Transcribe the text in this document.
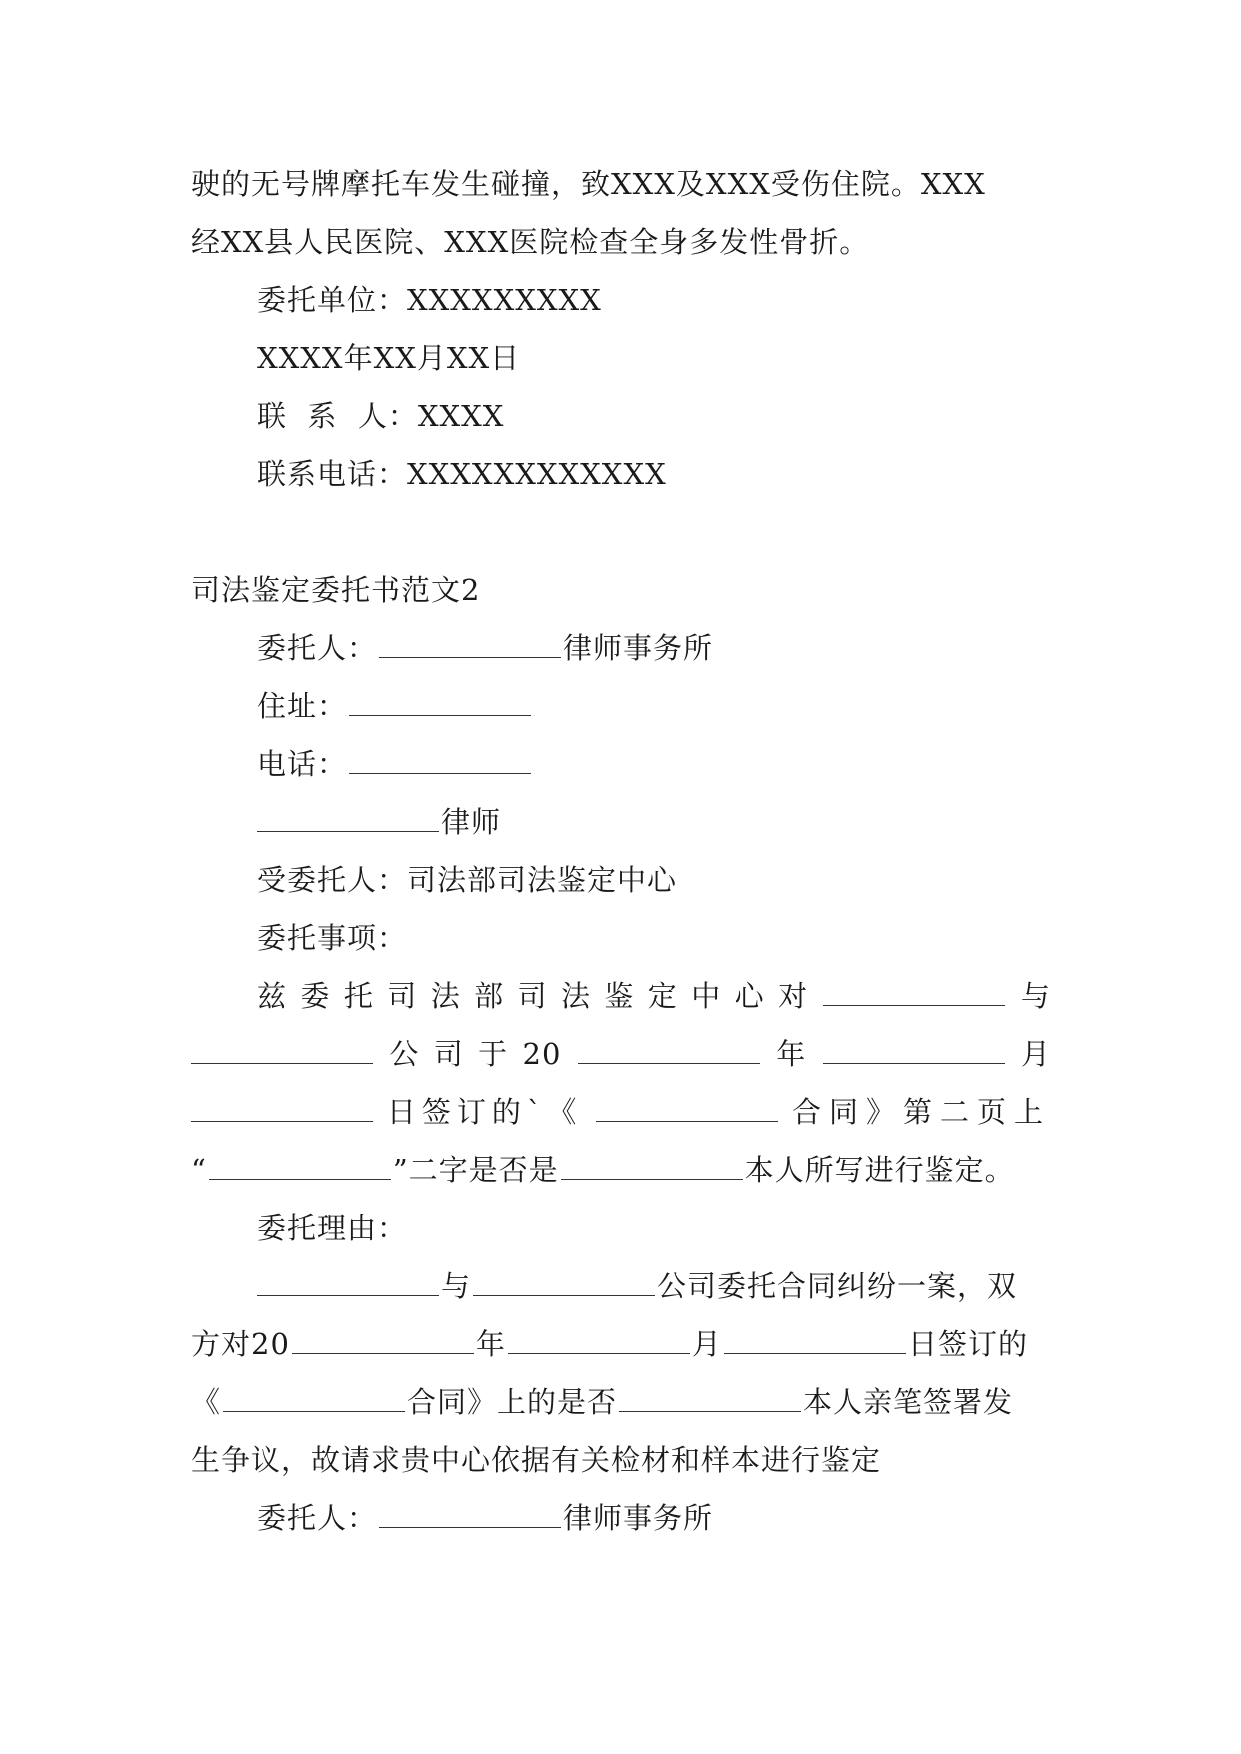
驶的无号牌摩托车发生碰撞，致XXX及XXX受伤住院。XXX
经XX县人民医院、XXX医院检查全身多发性骨折。
委托单位：XXXXXXXXX
XXXX年XX月XX日
联  系  人：XXXX
联系电话：XXXXXXXXXXXX
司法鉴定委托书范文2
委托人：	律师事务所
住址：
电话：
律师
受委托人：司法部司法鉴定中心
委托事项：
兹 委 托 司 法 部 司 法 鉴 定 中 心 对	与
公 司 于 20	年	月
日签订的`《	合同》第二页上
“	”二字是否是	本人所写进行鉴定。
委托理由：
与	公司委托合同纠纷一案，双
方对20	年	月	日签订的
《	合同》上的是否	本人亲笔签署发
生争议，故请求贵中心依据有关检材和样本进行鉴定
委托人：	律师事务所
